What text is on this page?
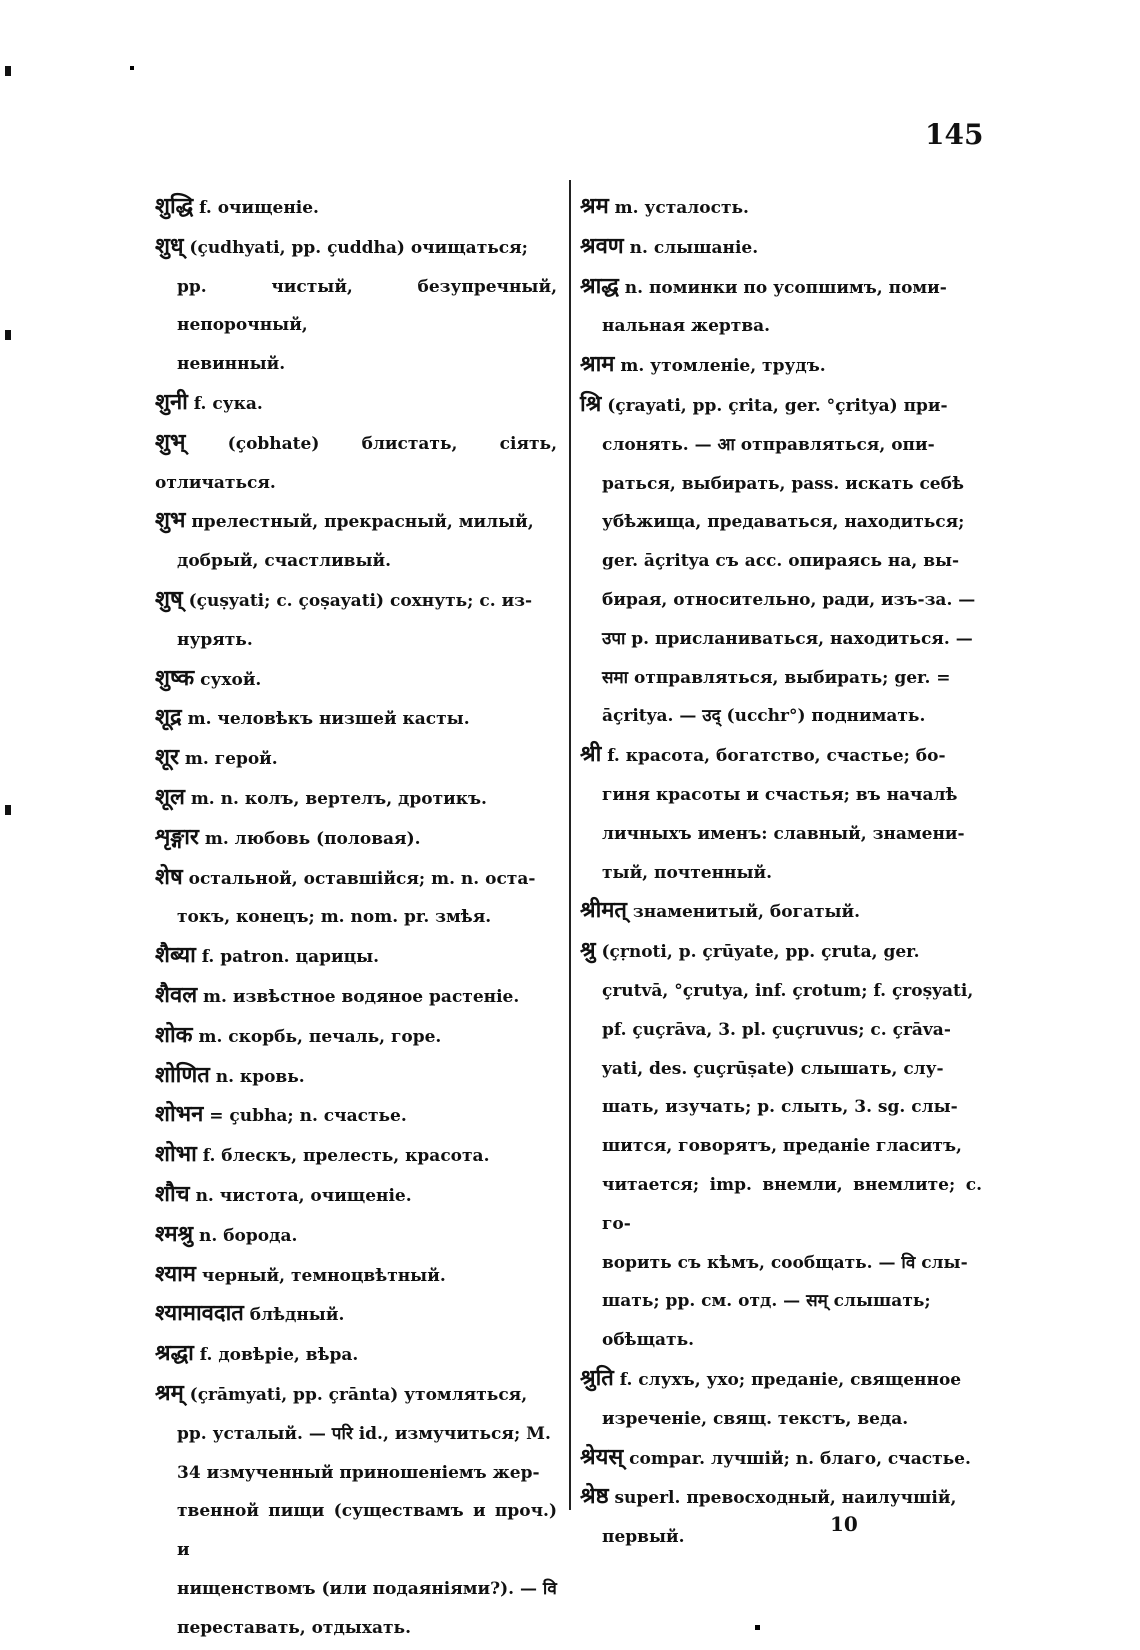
145
शुद्धि f. очищеніе.
शुध् (çudhyati, pp. çuddha) очищаться;
pp. чистый, безупречный, непорочный,
невинный.
शुनी f. сука.
शुभ् (çobhate) блистать, сіять, отличаться.
शुभ прелестный, прекрасный, милый,
добрый, счастливый.
शुष् (çuṣyati; c. çoṣayati) сохнуть; c. из-
нурять.
शुष्क сухой.
शूद्र m. человѣкъ низшей касты.
शूर m. герой.
शूल m. n. колъ, вертелъ, дротикъ.
शृङ्गार m. любовь (половая).
शेष остальной, оставшійся; m. n. оста-
токъ, конецъ; m. nom. pr. змѣя.
शैब्या f. patron. царицы.
शैवल m. извѣстное водяное растеніе.
शोक m. скорбь, печаль, горе.
शोणित n. кровь.
शोभन = çubha; n. счастье.
शोभा f. блескъ, прелесть, красота.
शौच n. чистота, очищеніе.
श्मश्रु n. борода.
श्याम черный, темноцвѣтный.
श्यामावदात блѣдный.
श्रद्धा f. довѣріе, вѣра.
श्रम् (çrāmyati, pp. çrānta) утомляться,
pp. усталый. — परि id., измучиться; M.
34 измученный приношеніемъ жер-
твенной пищи (существамъ и проч.) и
нищенствомъ (или подаяніями?). — वि
переставать, отдыхать.
श्रम m. усталость.
श्रवण n. слышаніе.
श्राद्ध n. поминки по усопшимъ, поми-
нальная жертва.
श्राम m. утомленіе, трудъ.
श्रि (çrayati, pp. çrita, ger. °çritya) при-
слонять. — आ отправляться, опи-
раться, выбирать, pass. искать себѣ
убѣжища, предаваться, находиться;
ger. āçritya съ acc. опираясь на, вы-
бирая, относительно, ради, изъ-за. —
उपा p. присланиваться, находиться. —
समा отправляться, выбирать; ger. =
āçritya. — उद् (ucchr°) поднимать.
श्री f. красота, богатство, счастье; бо-
гиня красоты и счастья; въ началѣ
личныхъ именъ: славный, знамени-
тый, почтенный.
श्रीमत् знаменитый, богатый.
श्रु (çṛnoti, p. çrūyate, pp. çruta, ger.
çrutvā, °çrutya, inf. çrotum; f. çroṣyati,
pf. çuçrāva, 3. pl. çuçruvus; c. çrāva-
yati, des. çuçrūṣate) слышать, слу-
шать, изучать; p. слыть, 3. sg. слы-
шится, говорятъ, преданіе гласитъ,
читается; imp. внемли, внемлите; c. го-
ворить съ кѣмъ, сообщать. — वि слы-
шать; pp. см. отд. — सम् слышать;
обѣщать.
श्रुति f. слухъ, ухо; преданіе, священное
изреченіе, свящ. текстъ, веда.
श्रेयस् compar. лучшій; n. благо, счастье.
श्रेष्ठ superl. превосходный, наилучшій,
первый.
10
